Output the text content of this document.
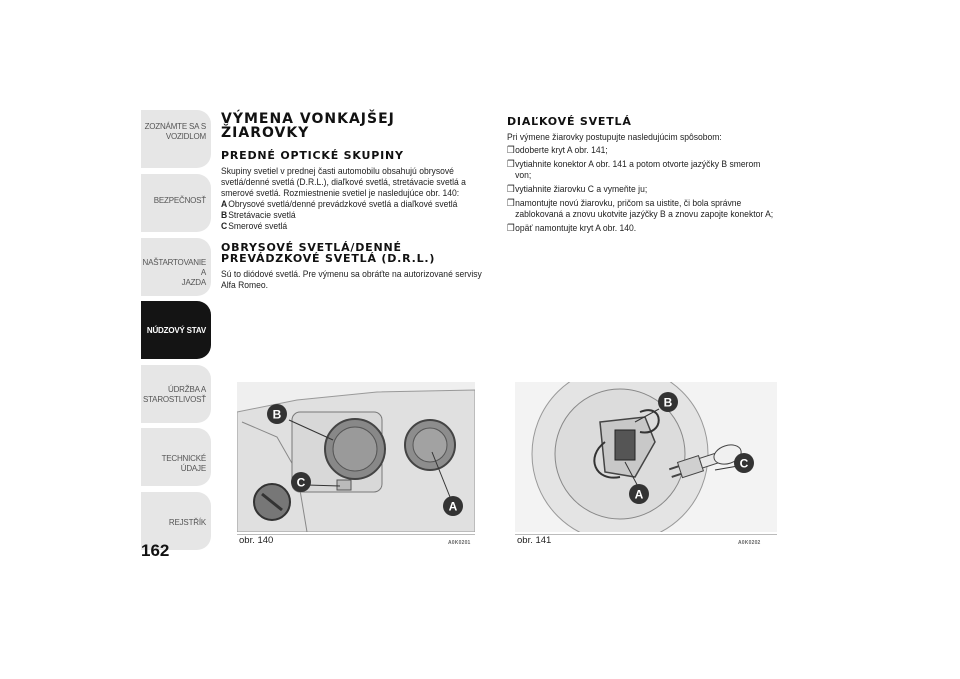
ZOZNÁMTE SA S
VOZIDLOM
BEZPEČNOSŤ
NAŠTARTOVANIE A
JAZDA
NÚDZOVÝ STAV
ÚDRŽBA A
STAROSTLIVOSŤ
TECHNICKÉ ÚDAJE
REJSTŘÍK
162
VÝMENA VONKAJŠEJ ŽIAROVKY
PREDNÉ OPTICKÉ SKUPINY

Skupiny svetiel v prednej časti automobilu obsahujú obrysové svetlá/denné svetlá (D.R.L.), diaľkové svetlá, stretávacie svetlá a smerové svetlá. Rozmiestnenie svetiel je nasledujúce obr. 140:

A Obrysové svetlá/denné prevádzkové svetlá a diaľkové svetlá
B Stretávacie svetlá
C Smerové svetlá
OBRYSOVÉ SVETLÁ/DENNÉ PREVÁDZKOVÉ SVETLÁ (D.R.L.)

Sú to diódové svetlá. Pre výmenu sa obráťte na autorizované servisy Alfa Romeo.

DIAĽKOVÉ SVETLÁ

Pri výmene žiarovky postupujte nasledujúcim spôsobom:

❒ odoberte kryt A obr. 141;
❒ vytiahnite konektor A obr. 141 a potom otvorte jazýčky B smerom von;
❒ vytiahnite žiarovku C a vymeňte ju;
❒ namontujte novú žiarovku, pričom sa uistite, či bola správne zablokovaná a znovu ukotvite jazýčky B a znovu zapojte konektor A;
❒ opäť namontujte kryt A obr. 140.
B
C
A
obr. 140	A0K0201
B
C
A
obr. 141	A0K0202
